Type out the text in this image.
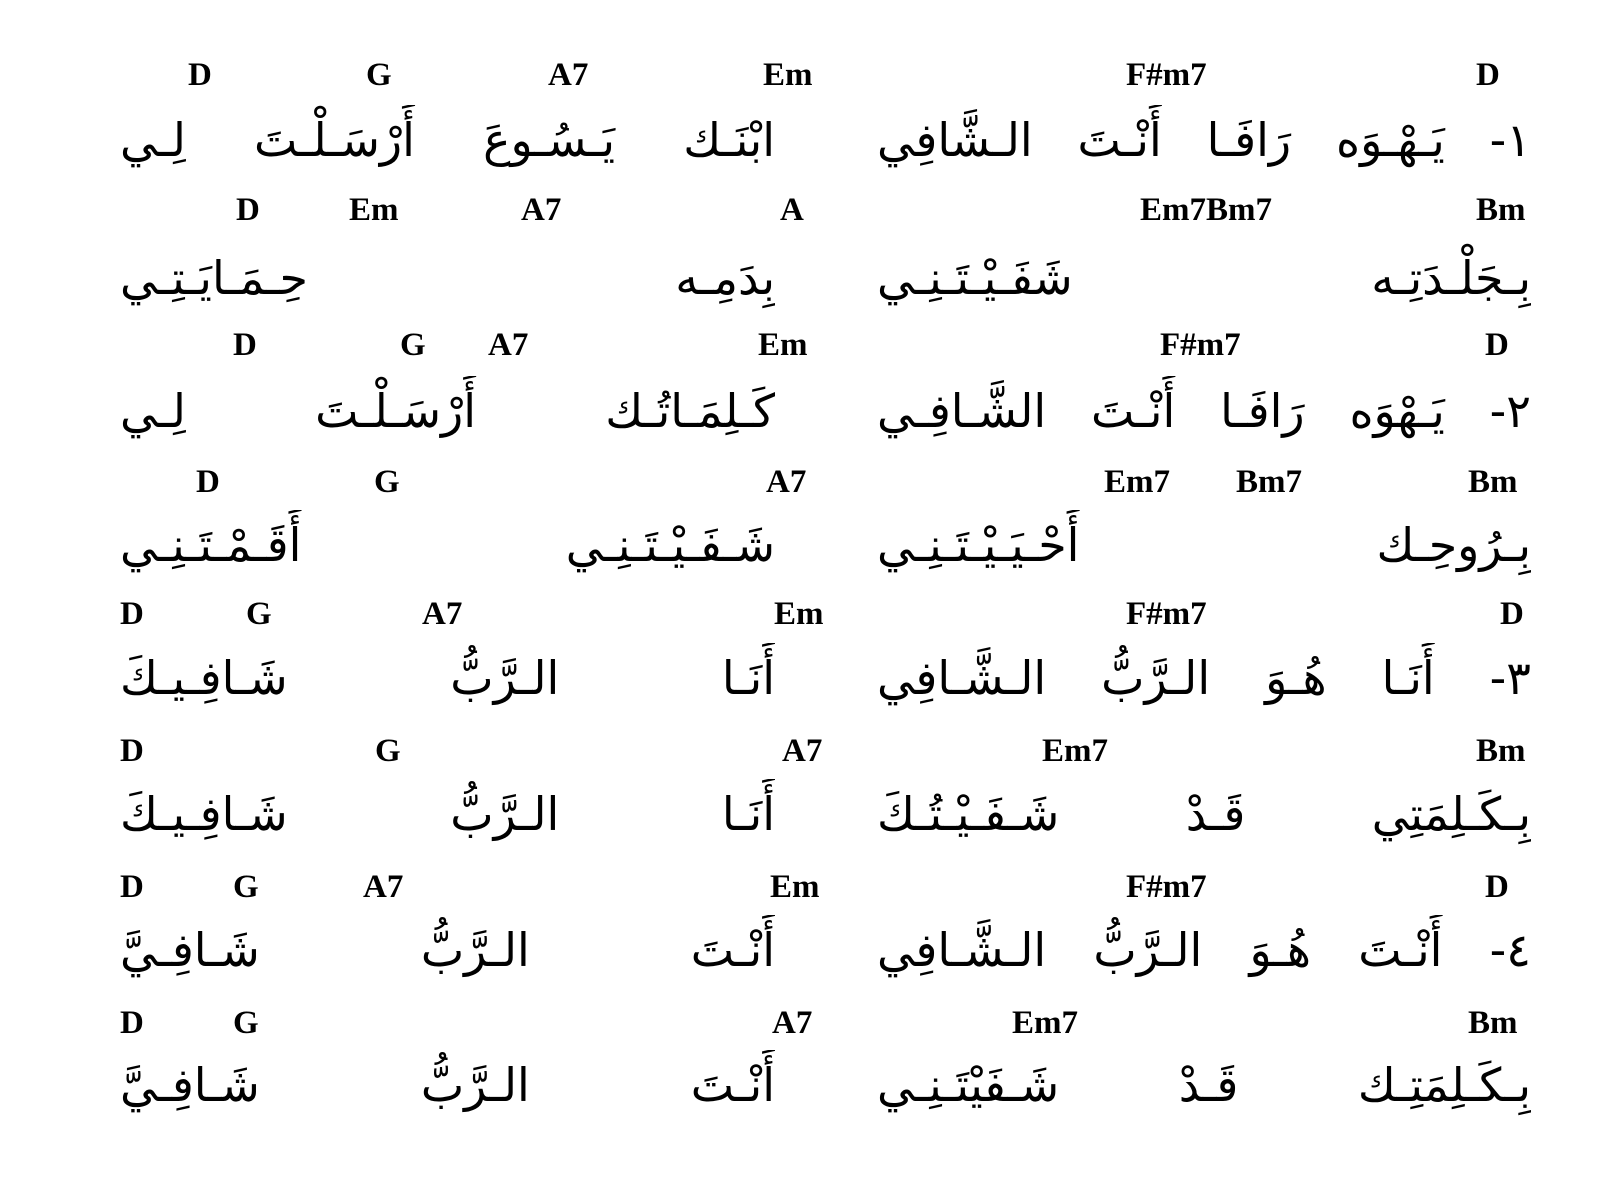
D	G	A7	Em	F#m7	D
ابْنَـك يَـسُـوعَ أَرْسَـلْـتَ لِـي ١- يَـهْـوَه رَافَـا أَنْـتَ الـشَّافِي
D	Em	A7	A	Em7Bm7	Bm
بِدَمِـه حِـمَـايَـتِـي بِـجَلْـدَتِـه شَفَـيْـتَـنِـي
D	G A7	Em	F#m7	D
كَـلِمَـاتُـك أَرْسَـلْـتَ لِـي ٢- يَـهْوَه رَافَـا أَنْـتَ الشَّـافِـي
D	G	A7	Em7 Bm7	Bm
شَـفَـيْـتَـنِـي أَقَـمْـتَـنِـي بِـرُوحِـك أَحْـيَـيْـتَـنِـي
D	G	A7	Em	F#m7	D
أَنَـا الـرَّبُّ شَـافِـيـكَ ٣- أَنَـا هُـوَ الـرَّبُّ الـشَّـافِي
D	G	A7	Em7	Bm
أَنَـا الـرَّبُّ شَـافِـيـكَ بِـكَـلِمَتِي قَـدْ شَـفَـيْـتُـكَ
D	G	A7	Em	F#m7	D
أَنْـتَ الـرَّبُّ شَـافِـيَّ ٤- أَنْـتَ هُـوَ الـرَّبُّ الـشَّـافِي
D	G	A7	Em7	Bm
أَنْـتَ الـرَّبُّ شَـافِـيَّ بِـكَـلِمَتِـك قَـدْ شَـفَيْتَـنِـي
